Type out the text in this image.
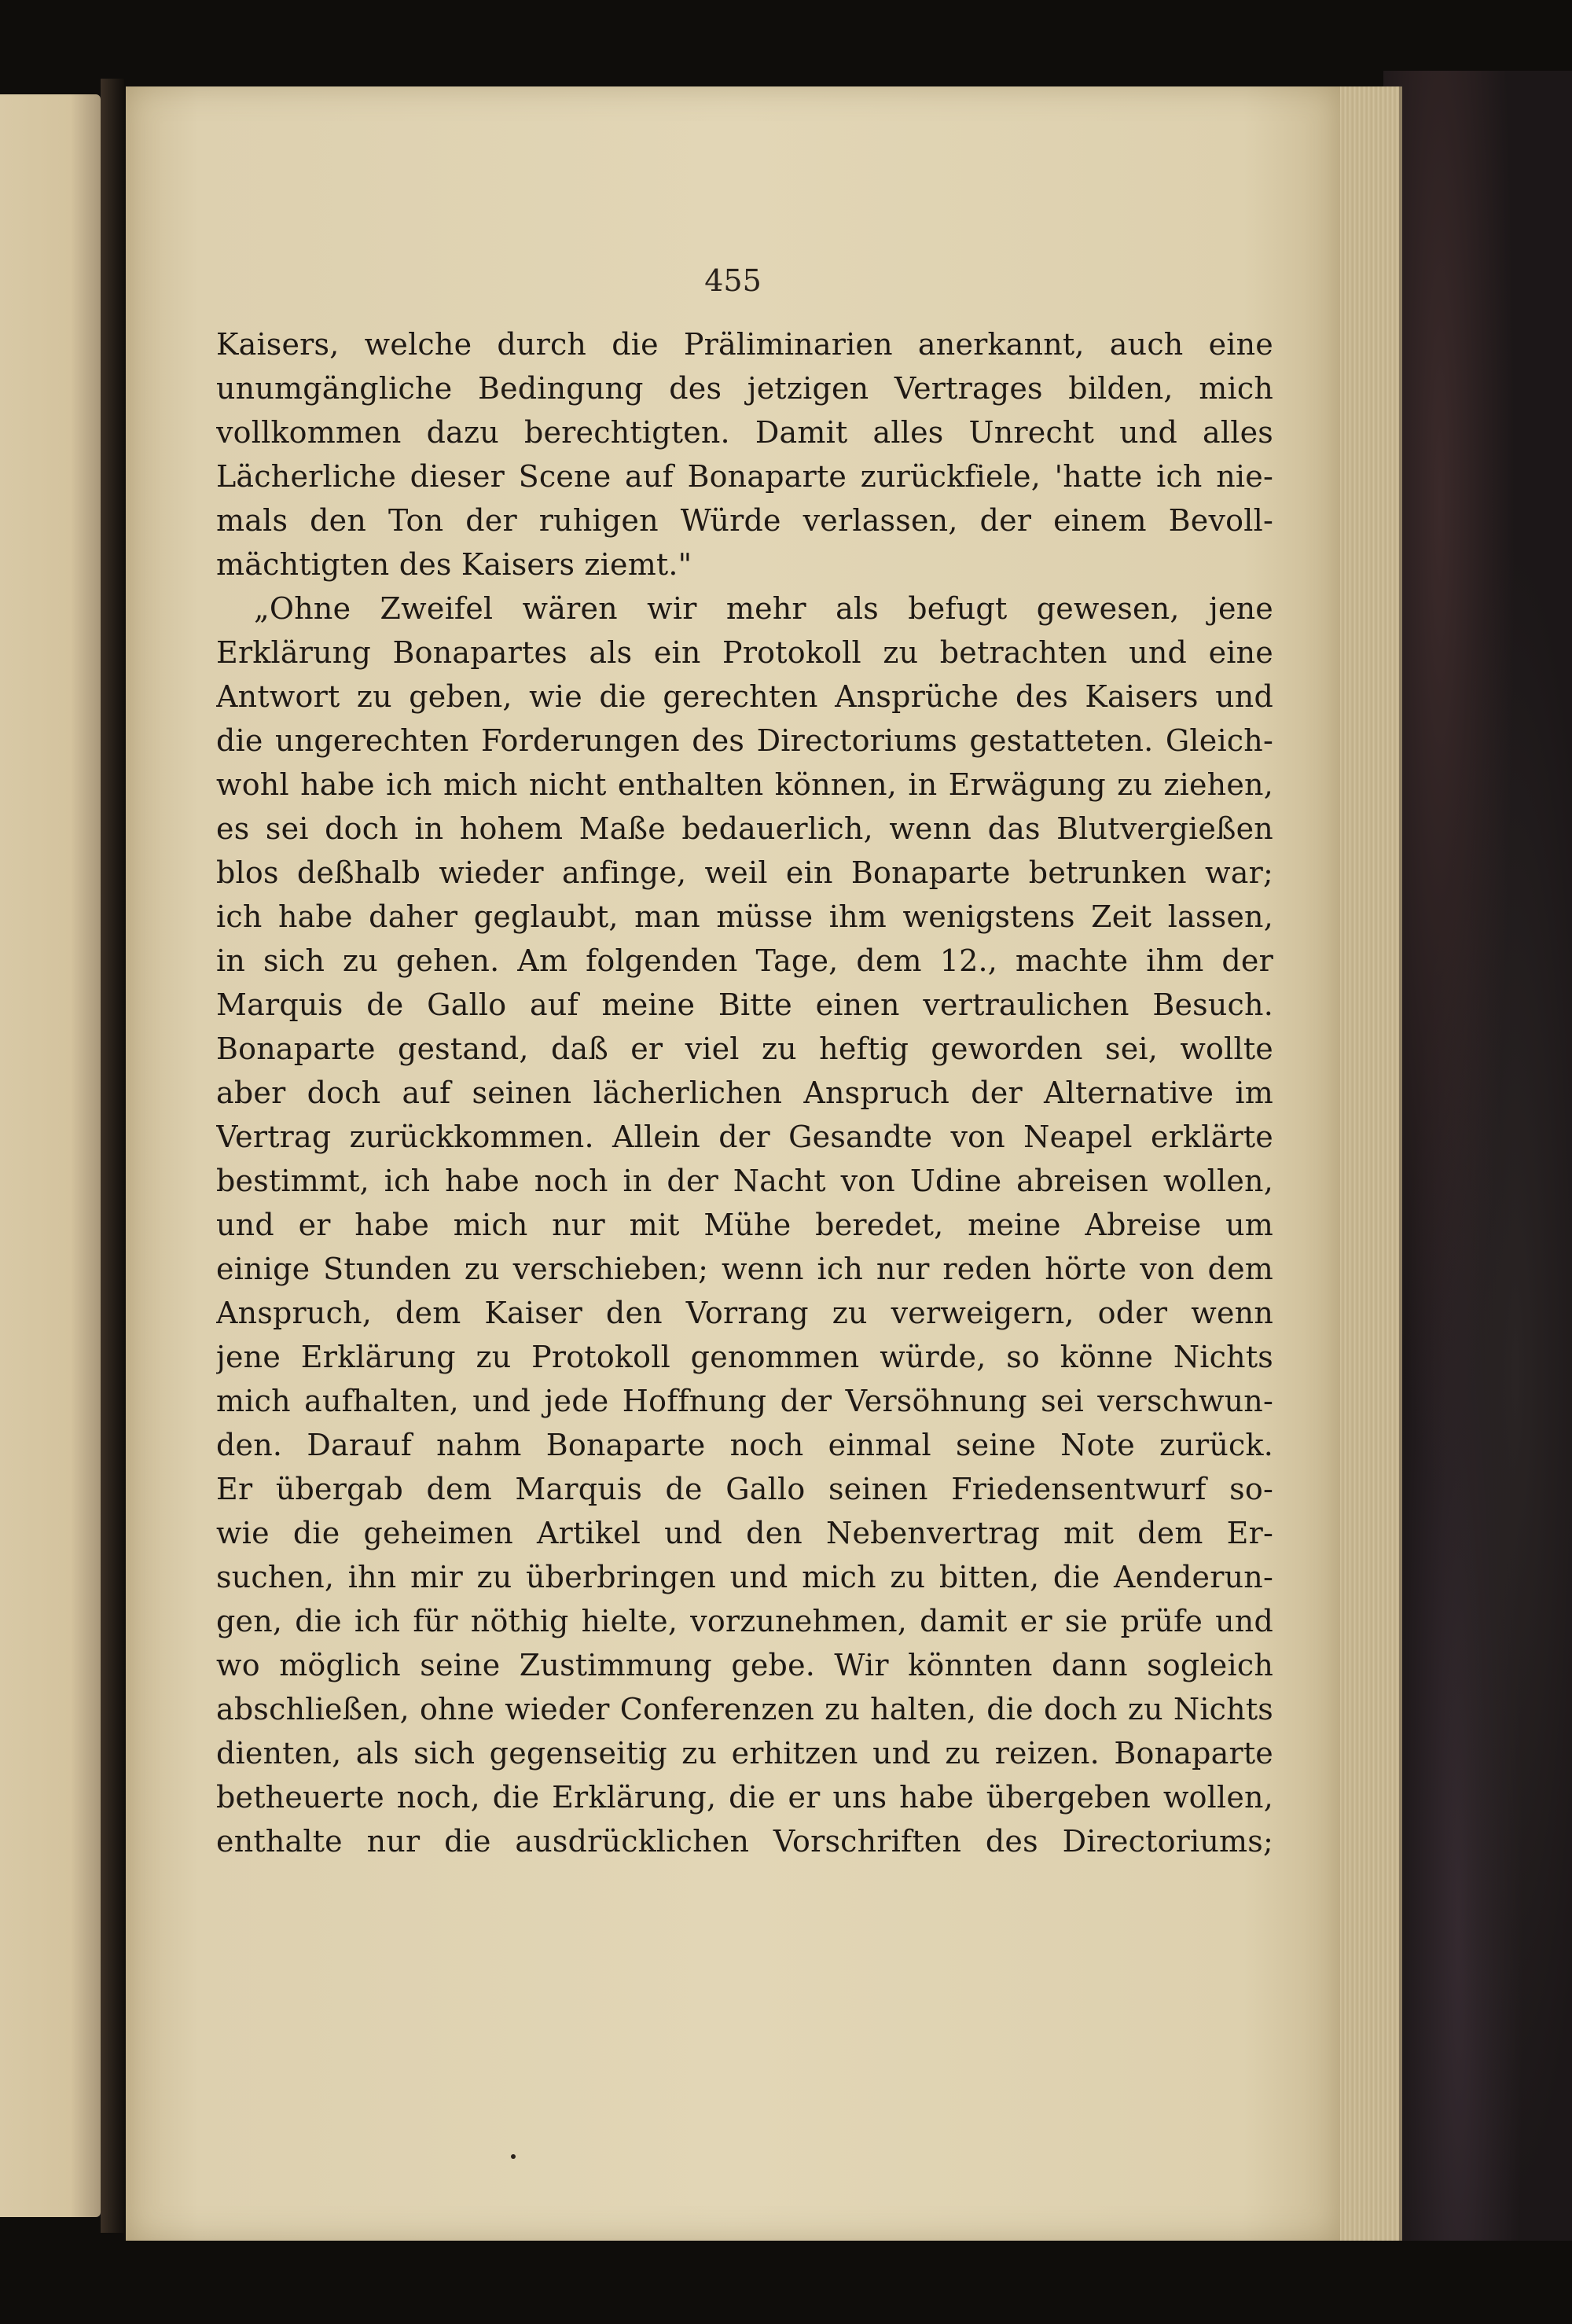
455
Kaisers, welche durch die Präliminarien anerkannt, auch eine
unumgängliche Bedingung des jetzigen Vertrages bilden, mich
vollkommen dazu berechtigten. Damit alles Unrecht und alles
Lächerliche dieser Scene auf Bonaparte zurückfiele, 'hatte ich nie-
mals den Ton der ruhigen Würde verlassen, der einem Bevoll-
mächtigten des Kaisers ziemt."
„Ohne Zweifel wären wir mehr als befugt gewesen, jene
Erklärung Bonapartes als ein Protokoll zu betrachten und eine
Antwort zu geben, wie die gerechten Ansprüche des Kaisers und
die ungerechten Forderungen des Directoriums gestatteten. Gleich-
wohl habe ich mich nicht enthalten können, in Erwägung zu ziehen,
es sei doch in hohem Maße bedauerlich, wenn das Blutvergießen
blos deßhalb wieder anfinge, weil ein Bonaparte betrunken war;
ich habe daher geglaubt, man müsse ihm wenigstens Zeit lassen,
in sich zu gehen. Am folgenden Tage, dem 12., machte ihm der
Marquis de Gallo auf meine Bitte einen vertraulichen Besuch.
Bonaparte gestand, daß er viel zu heftig geworden sei, wollte
aber doch auf seinen lächerlichen Anspruch der Alternative im
Vertrag zurückkommen. Allein der Gesandte von Neapel erklärte
bestimmt, ich habe noch in der Nacht von Udine abreisen wollen,
und er habe mich nur mit Mühe beredet, meine Abreise um
einige Stunden zu verschieben; wenn ich nur reden hörte von dem
Anspruch, dem Kaiser den Vorrang zu verweigern, oder wenn
jene Erklärung zu Protokoll genommen würde, so könne Nichts
mich aufhalten, und jede Hoffnung der Versöhnung sei verschwun-
den. Darauf nahm Bonaparte noch einmal seine Note zurück.
Er übergab dem Marquis de Gallo seinen Friedensentwurf so-
wie die geheimen Artikel und den Nebenvertrag mit dem Er-
suchen, ihn mir zu überbringen und mich zu bitten, die Aenderun-
gen, die ich für nöthig hielte, vorzunehmen, damit er sie prüfe und
wo möglich seine Zustimmung gebe. Wir könnten dann sogleich
abschließen, ohne wieder Conferenzen zu halten, die doch zu Nichts
dienten, als sich gegenseitig zu erhitzen und zu reizen. Bonaparte
betheuerte noch, die Erklärung, die er uns habe übergeben wollen,
enthalte nur die ausdrücklichen Vorschriften des Directoriums;
